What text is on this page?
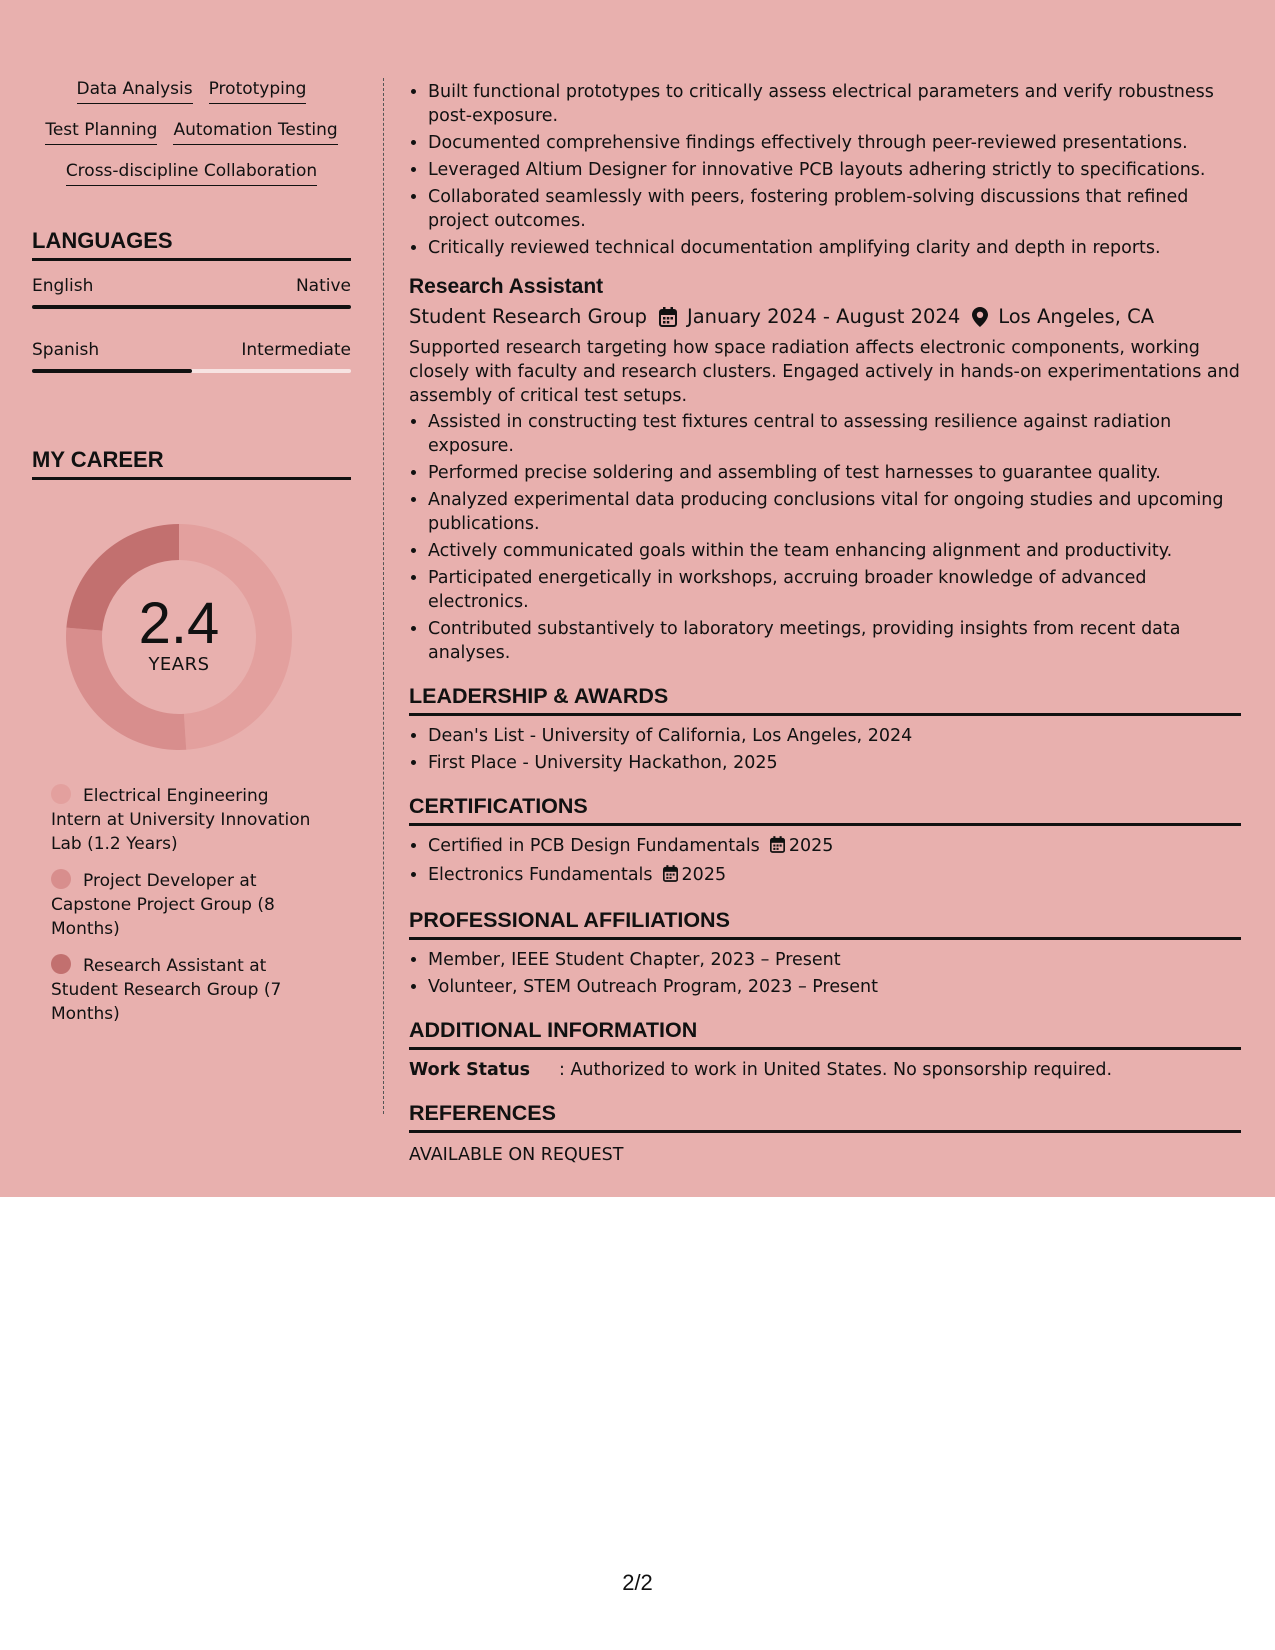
Data Analysis Prototyping
Test Planning Automation Testing
Cross-discipline Collaboration
LANGUAGES
English	Native
Spanish	Intermediate
MY CAREER
2.4
YEARS
Electrical Engineering Intern at University Innovation Lab (1.2 Years)
Project Developer at Capstone Project Group (8 Months)
Research Assistant at Student Research Group (7 Months)
• Built functional prototypes to critically assess electrical parameters and verify robustness post-exposure.
• Documented comprehensive findings effectively through peer-reviewed presentations.
• Leveraged Altium Designer for innovative PCB layouts adhering strictly to specifications.
• Collaborated seamlessly with peers, fostering problem-solving discussions that refined project outcomes.
• Critically reviewed technical documentation amplifying clarity and depth in reports.
Research Assistant
Student Research Group January 2024 - August 2024 Los Angeles, CA
Supported research targeting how space radiation affects electronic components, working closely with faculty and research clusters. Engaged actively in hands-on experimentations and assembly of critical test setups.
• Assisted in constructing test fixtures central to assessing resilience against radiation exposure.
• Performed precise soldering and assembling of test harnesses to guarantee quality.
• Analyzed experimental data producing conclusions vital for ongoing studies and upcoming publications.
• Actively communicated goals within the team enhancing alignment and productivity.
• Participated energetically in workshops, accruing broader knowledge of advanced electronics.
• Contributed substantively to laboratory meetings, providing insights from recent data analyses.
LEADERSHIP & AWARDS
• Dean's List - University of California, Los Angeles, 2024
• First Place - University Hackathon, 2025
CERTIFICATIONS
• Certified in PCB Design Fundamentals 2025
• Electronics Fundamentals 2025
PROFESSIONAL AFFILIATIONS
• Member, IEEE Student Chapter, 2023 – Present
• Volunteer, STEM Outreach Program, 2023 – Present
ADDITIONAL INFORMATION
Work Status	: Authorized to work in United States. No sponsorship required.
REFERENCES
AVAILABLE ON REQUEST
2/2
